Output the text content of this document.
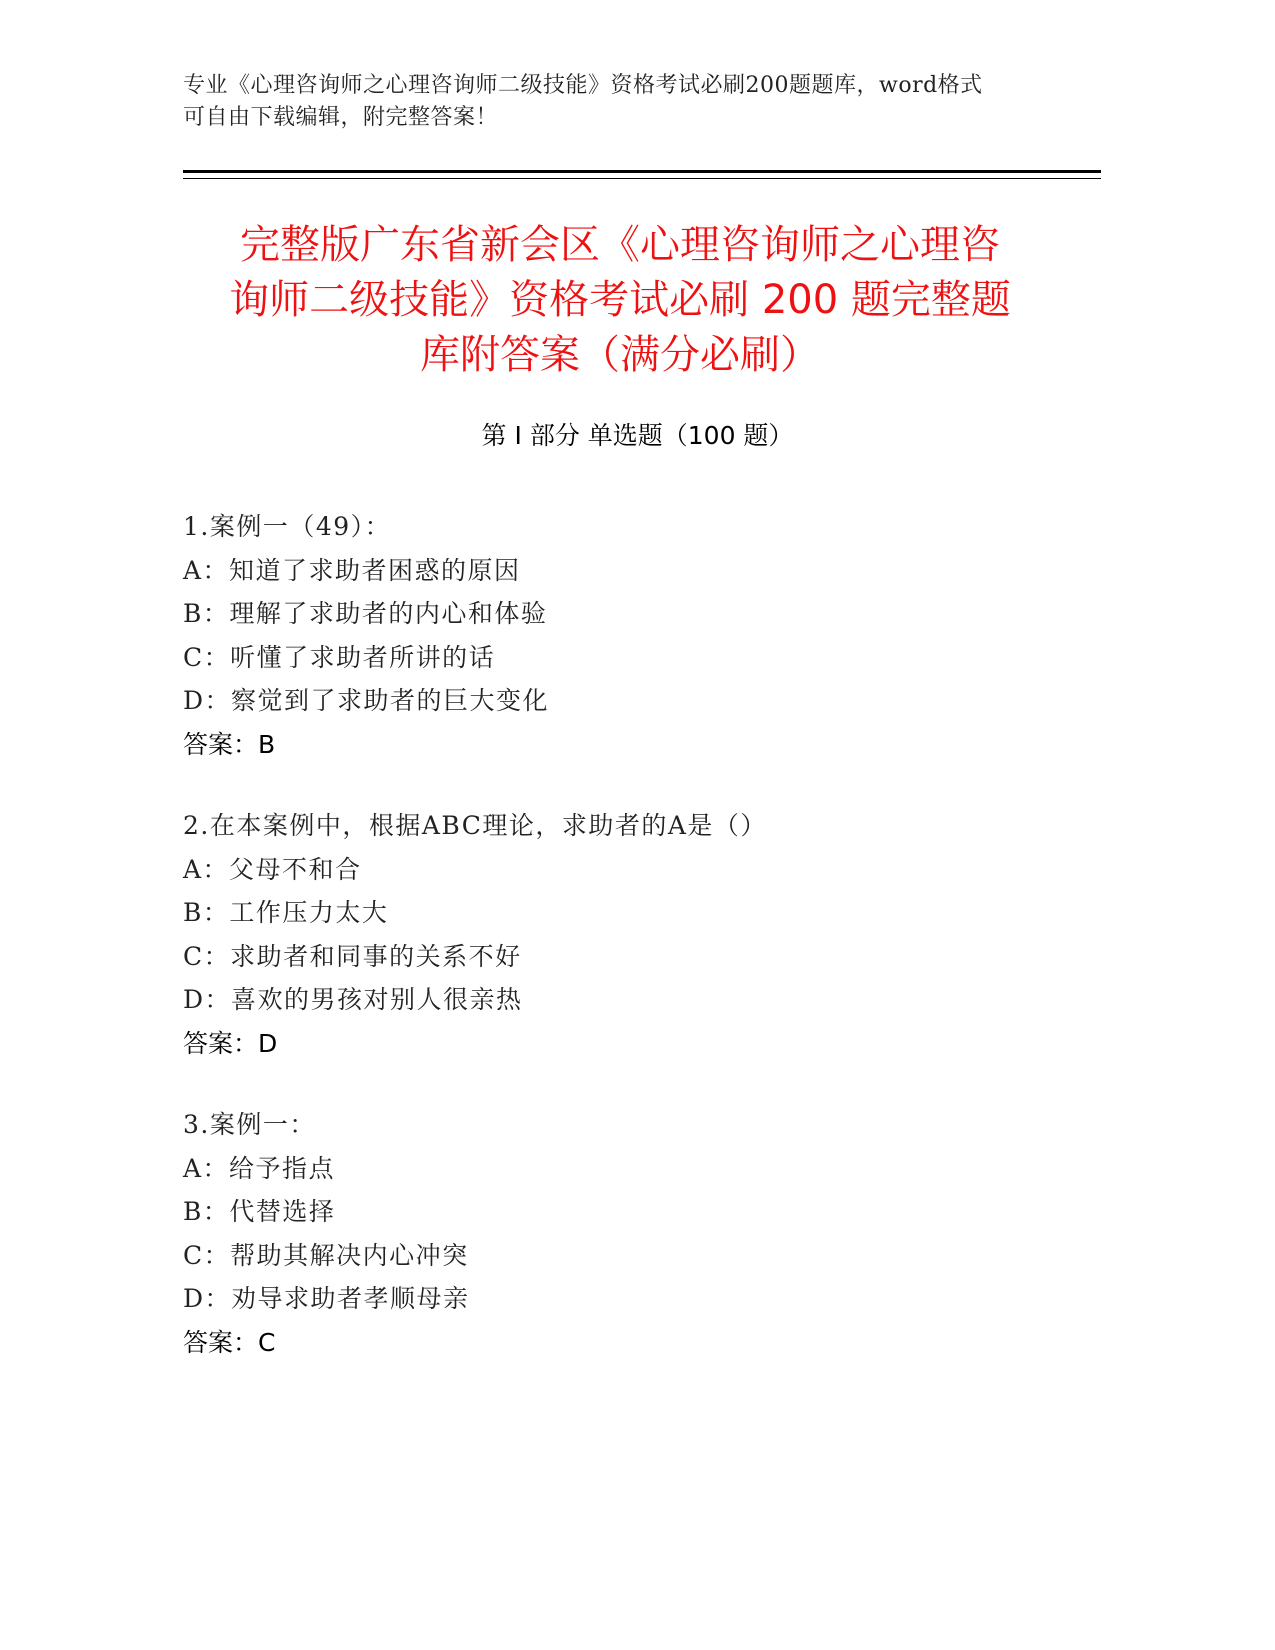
专业《心理咨询师之心理咨询师二级技能》资格考试必刷200题题库，word格式
可自由下载编辑，附完整答案！
完整版广东省新会区《心理咨询师之心理咨
询师二级技能》资格考试必刷 200 题完整题
库附答案（满分必刷）
第 I 部分 单选题（100 题）
1.案例一（49）：
A：知道了求助者困惑的原因
B：理解了求助者的内心和体验
C：听懂了求助者所讲的话
D：察觉到了求助者的巨大变化
答案：B
2.在本案例中，根据ABC理论，求助者的A是（）
A：父母不和合
B：工作压力太大
C：求助者和同事的关系不好
D：喜欢的男孩对别人很亲热
答案：D
3.案例一：
A：给予指点
B：代替选择
C：帮助其解决内心冲突
D：劝导求助者孝顺母亲
答案：C
